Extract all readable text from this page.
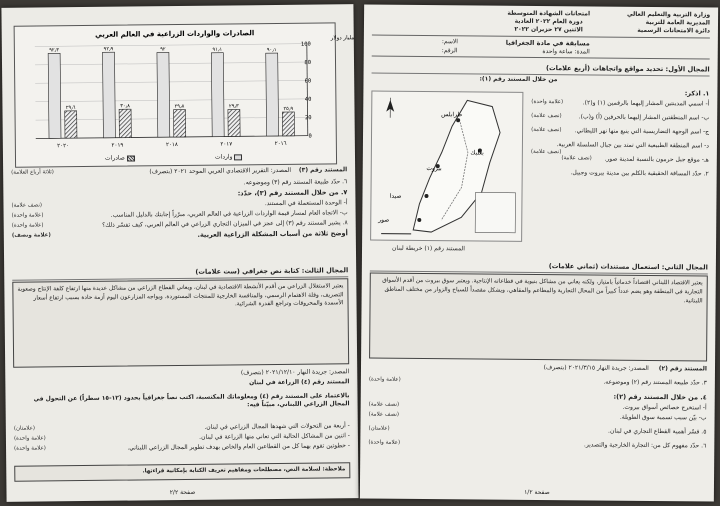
الصادرات والواردات الزراعية في العالم العربي	مليار دولار
0
20
40
60
80
100
٢٥٫٩
٩٠٫١
٢٠١٦
٢٩٫٣
٩١٫١
٢٠١٧
٢٩٫٨
٩٢
٢٠١٨
٣٠٫٨
٩٢٫٩
٢٠١٩
٢٩٫٦
٩٢٫٣
٢٠٢٠
صادرات	واردات
المستند رقم (٣) المصدر: التقرير الاقتصادي العربي الموحد ٢٠٢١ (بتصرف)
(ثلاثة أرباع العلامة)
٦. حدّد طبيعة المستند رقم (٣) وموضوعه.
٧. من خلال المستند رقم (٣)، حدّد:
أ- الوحدة المستعملة في المستند.
(نصف علامة)
ب- الاتجاه العام لمسار قيمة الواردات الزراعية في العالم العربي، مبرّراً إجابتك بالدليل المناسب.
(علامة واحدة)
٨. يشير المستند رقم (٣) إلى عجز في الميزان التجاري الزراعي في العالم العربي، كيف تفسّر ذلك؟
(علامة واحدة)
أوضح ثلاثة من أسباب المشكلة الزراعية العربية.
(علامة ونصف)
المجال الثالث: كتابة نص جغرافي (ست علامات)
يعتبر الاستغلال الزراعي من أقدم الأنشطة الاقتصادية في لبنان، ويعاني القطاع الزراعي من مشاكل عديدة منها ارتفاع كلفة الإنتاج وصعوبة التصريف، وقلة الاهتمام الرسمي، والمنافسة الخارجية للمنتجات المستوردة. ويواجه المزارعون اليوم أزمة حادة بسبب ارتفاع أسعار الأسمدة والمحروقات وتراجع القدرة الشرائية.
المصدر: جريدة النهار ٢٠٢١/١٢/١٠ (بتصرف)
المستند رقم (٤) الزراعة في لبنان
بالاعتماد على المستند رقم (٤) ومعلوماتك المكتسبة، اكتب نصاً جغرافياً بحدود (١٢-١٥ سطراً) عن التحول في المجال الزراعي اللبناني، مبيّناً فيه:
- أربعة من التحولات التي شهدها المجال الزراعي في لبنان.
(علامتان)
- اثنين من المشاكل الحالية التي تعاني منها الزراعة في لبنان.
(علامة واحدة)
- خطوتين تقوم بهما كل من القطاعين العام والخاص بهدف تطوير المجال الزراعي اللبناني.
(علامة واحدة)
ملاحظة: لسلامة النص، مصطلحات ومفاهيم تعريف الكتابة بإمكانية قراءتها.
صفحة ٢/٢
وزارة التربية والتعليم العالي
المديرية العامة للتربية
دائرة الامتحانات الرسمية
امتحانات الشهادة المتوسطة
دورة العام ٢٠٢٢ العادية
الاثنين ٢٧ حزيران ٢٠٢٢
مسابقة في مادة الجغرافيا
المدة: ساعة واحدة
الاسم:
الرقم:
المجال الأول: تحديد مواقع واتجاهات (أربع علامات)
من خلال المستند رقم (١):
١. اذكر:
أ- اسمي المدينتين المشار إليهما بالرقمين (١) و(٢).
(علامة واحدة)
ب- اسم المنطقتين المشار إليهما بالحرفين (أ) و(ب).
(نصف علامة)
ج- اسم الوجهة التضاريسية التي ينبع منها نهر الليطاني.
(نصف علامة)
د- اسم المنطقة الطبيعية التي تمتد بين جبال السلسلة الغربية.
(نصف علامة)
هـ- موقع جبل حرمون بالنسبة لمدينة صور.
(نصف علامة)
٢. حدّد المسافة الحقيقية بالكلم بين مدينة بيروت وجبيل.
بيروت
صور
بعلبك
صيدا
طرابلس
المستند رقم (١) خريطة لبنان
المجال الثاني: استعمال مستندات (ثماني علامات)
يعتبر الاقتصاد اللبناني اقتصاداً خدماتياً بامتياز، ولكنه يعاني من مشاكل بنيوية في قطاعاته الإنتاجية. ويعتبر سوق بيروت من أقدم الأسواق التجارية في المنطقة وهو يضم عدداً كبيراً من المحال التجارية والمطاعم والمقاهي، ويشكل مقصداً للسياح والزوار من مختلف المناطق اللبنانية.
المستند رقم (٢) المصدر: جريدة النهار ٢٠٢١/٣/١٥ (بتصرف)
٣. حدّد طبيعة المستند رقم (٢) وموضوعه.
(علامة واحدة)
٤. من خلال المستند رقم (٢):
أ- استخرج خصائص أسواق بيروت.
(نصف علامة)
ب- بيّن سبب تسمية سوق الطويلة.
(نصف علامة)
٥. فسّر أهمية القطاع التجاري في لبنان.
(علامتان)
٦. حدّد مفهوم كل من: التجارة الخارجية والتصدير.
(علامة واحدة)
صفحة ١/٢
